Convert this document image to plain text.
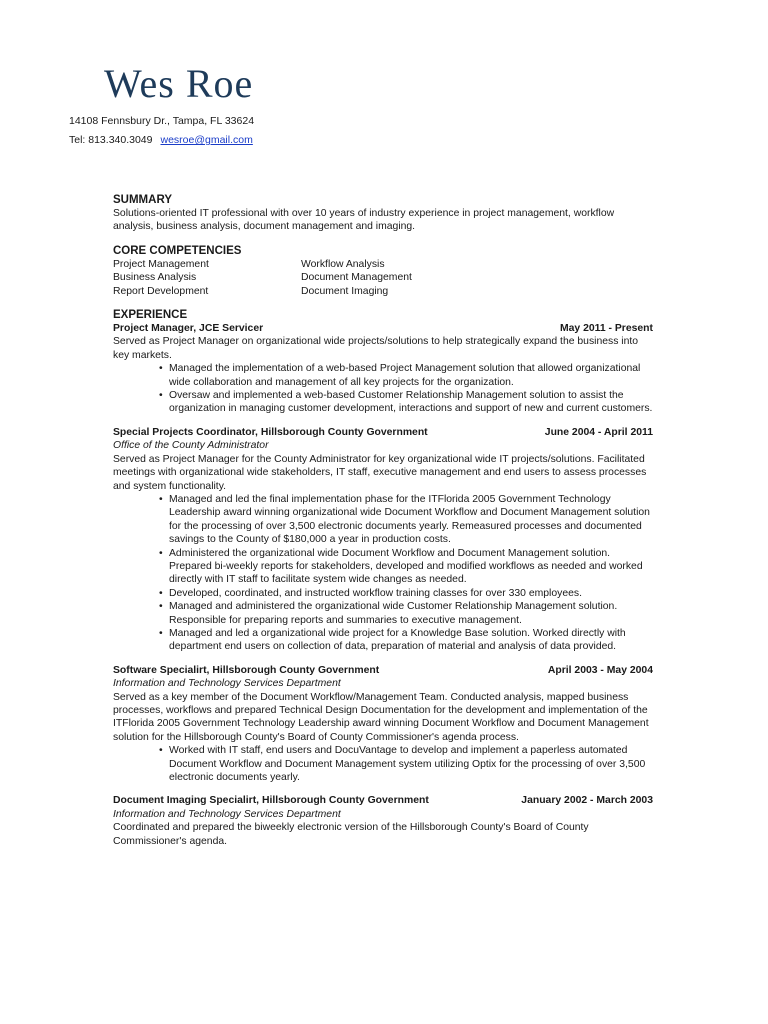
Wes Roe
14108 Fennsbury Dr., Tampa, FL 33624
Tel: 813.340.3049 wesroe@gmail.com
SUMMARY

Solutions-oriented IT professional with over 10 years of industry experience in project management, workflow analysis, business analysis, document management and imaging.

CORE COMPETENCIES
Project Management	Workflow Analysis
Business Analysis	Document Management
Report Development	Document Imaging
EXPERIENCE
Project Manager, JCE Servicer	May 2011 - Present

Served as Project Manager on organizational wide projects/solutions to help strategically expand the business into key markets.

• Managed the implementation of a web-based Project Management solution that allowed organizational wide collaboration and management of all key projects for the organization.
• Oversaw and implemented a web-based Customer Relationship Management solution to assist the organization in managing customer development, interactions and support of new and current customers.
Special Projects Coordinator, Hillsborough County Government	June 2004 - April 2011
Office of the County Administrator

Served as Project Manager for the County Administrator for key organizational wide IT projects/solutions. Facilitated meetings with organizational wide stakeholders, IT staff, executive management and end users to assess processes and system functionality.

• Managed and led the final implementation phase for the ITFlorida 2005 Government Technology Leadership award winning organizational wide Document Workflow and Document Management solution for the processing of over 3,500 electronic documents yearly. Remeasured processes and documented savings to the County of $180,000 a year in production costs.
• Administered the organizational wide Document Workflow and Document Management solution. Prepared bi-weekly reports for stakeholders, developed and modified workflows as needed and worked directly with IT staff to facilitate system wide changes as needed.
• Developed, coordinated, and instructed workflow training classes for over 330 employees.
• Managed and administered the organizational wide Customer Relationship Management solution. Responsible for preparing reports and summaries to executive management.
• Managed and led a organizational wide project for a Knowledge Base solution. Worked directly with department end users on collection of data, preparation of material and analysis of data provided.
Software Specialirt, Hillsborough County Government	April 2003 - May 2004
Information and Technology Services Department

Served as a key member of the Document Workflow/Management Team. Conducted analysis, mapped business processes, workflows and prepared Technical Design Documentation for the development and implementation of the ITFlorida 2005 Government Technology Leadership award winning Document Workflow and Document Management solution for the Hillsborough County's Board of County Commissioner's agenda process.

• Worked with IT staff, end users and DocuVantage to develop and implement a paperless automated Document Workflow and Document Management system utilizing Optix for the processing of over 3,500 electronic documents yearly.
Document Imaging Specialirt, Hillsborough County Government	January 2002 - March 2003
Information and Technology Services Department

Coordinated and prepared the biweekly electronic version of the Hillsborough County's Board of County Commissioner's agenda.
